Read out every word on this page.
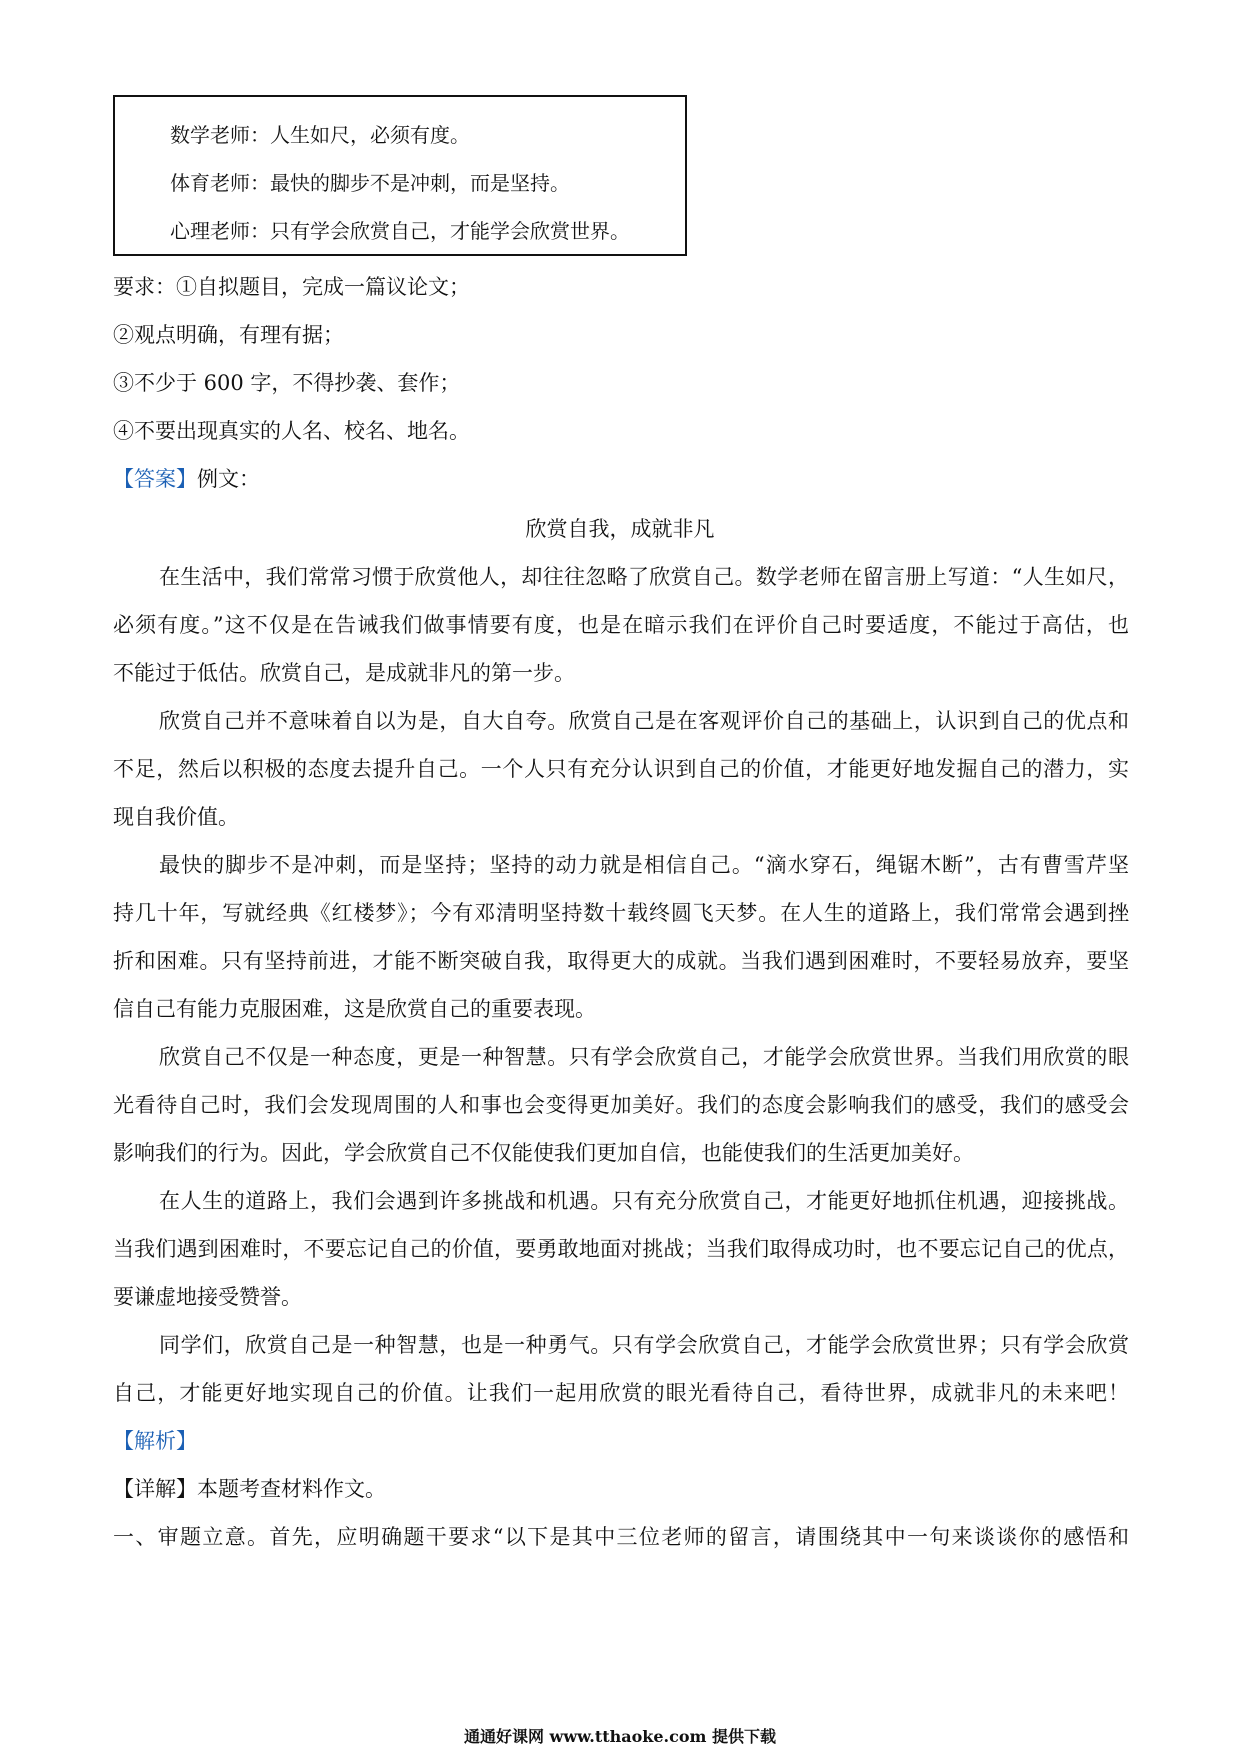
数学老师：人生如尺，必须有度。
体育老师：最快的脚步不是冲刺，而是坚持。
心理老师：只有学会欣赏自己，才能学会欣赏世界。
要求：①自拟题目，完成一篇议论文；
②观点明确，有理有据；
③不少于 600 字，不得抄袭、套作；
④不要出现真实的人名、校名、地名。
【答案】例文：
欣赏自我，成就非凡
在生活中，我们常常习惯于欣赏他人，却往往忽略了欣赏自己。数学老师在留言册上写道：“人生如尺，
必须有度。”这不仅是在告诫我们做事情要有度，也是在暗示我们在评价自己时要适度，不能过于高估，也
不能过于低估。欣赏自己，是成就非凡的第一步。
欣赏自己并不意味着自以为是，自大自夸。欣赏自己是在客观评价自己的基础上，认识到自己的优点和
不足，然后以积极的态度去提升自己。一个人只有充分认识到自己的价值，才能更好地发掘自己的潜力，实
现自我价值。
最快的脚步不是冲刺，而是坚持；坚持的动力就是相信自己。“滴水穿石，绳锯木断”，古有曹雪芹坚
持几十年，写就经典《红楼梦》；今有邓清明坚持数十载终圆飞天梦。在人生的道路上，我们常常会遇到挫
折和困难。只有坚持前进，才能不断突破自我，取得更大的成就。当我们遇到困难时，不要轻易放弃，要坚
信自己有能力克服困难，这是欣赏自己的重要表现。
欣赏自己不仅是一种态度，更是一种智慧。只有学会欣赏自己，才能学会欣赏世界。当我们用欣赏的眼
光看待自己时，我们会发现周围的人和事也会变得更加美好。我们的态度会影响我们的感受，我们的感受会
影响我们的行为。因此，学会欣赏自己不仅能使我们更加自信，也能使我们的生活更加美好。
在人生的道路上，我们会遇到许多挑战和机遇。只有充分欣赏自己，才能更好地抓住机遇，迎接挑战。
当我们遇到困难时，不要忘记自己的价值，要勇敢地面对挑战；当我们取得成功时，也不要忘记自己的优点，
要谦虚地接受赞誉。
同学们，欣赏自己是一种智慧，也是一种勇气。只有学会欣赏自己，才能学会欣赏世界；只有学会欣赏
自己，才能更好地实现自己的价值。让我们一起用欣赏的眼光看待自己，看待世界，成就非凡的未来吧！
【解析】
【详解】本题考查材料作文。
一、审题立意。首先，应明确题干要求“以下是其中三位老师的留言，请围绕其中一句来谈谈你的感悟和
通通好课网 www.tthaoke.com 提供下载
